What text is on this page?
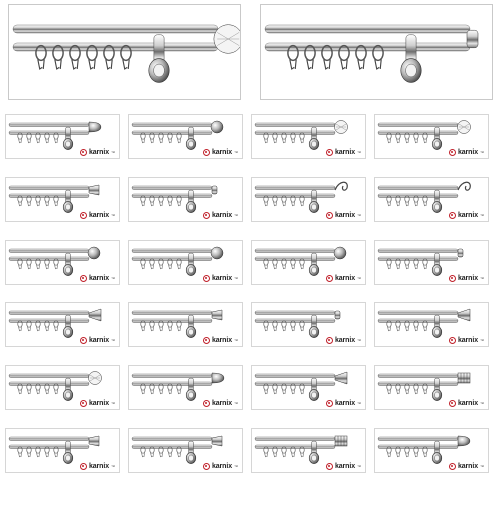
karnix ™	karnix ™	karnix ™	karnix ™
karnix ™	karnix ™	karnix ™	karnix ™
karnix ™	karnix ™	karnix ™	karnix ™
karnix ™	karnix ™	karnix ™	karnix ™
karnix ™	karnix ™	karnix ™	karnix ™
karnix ™	karnix ™	karnix ™	karnix ™
